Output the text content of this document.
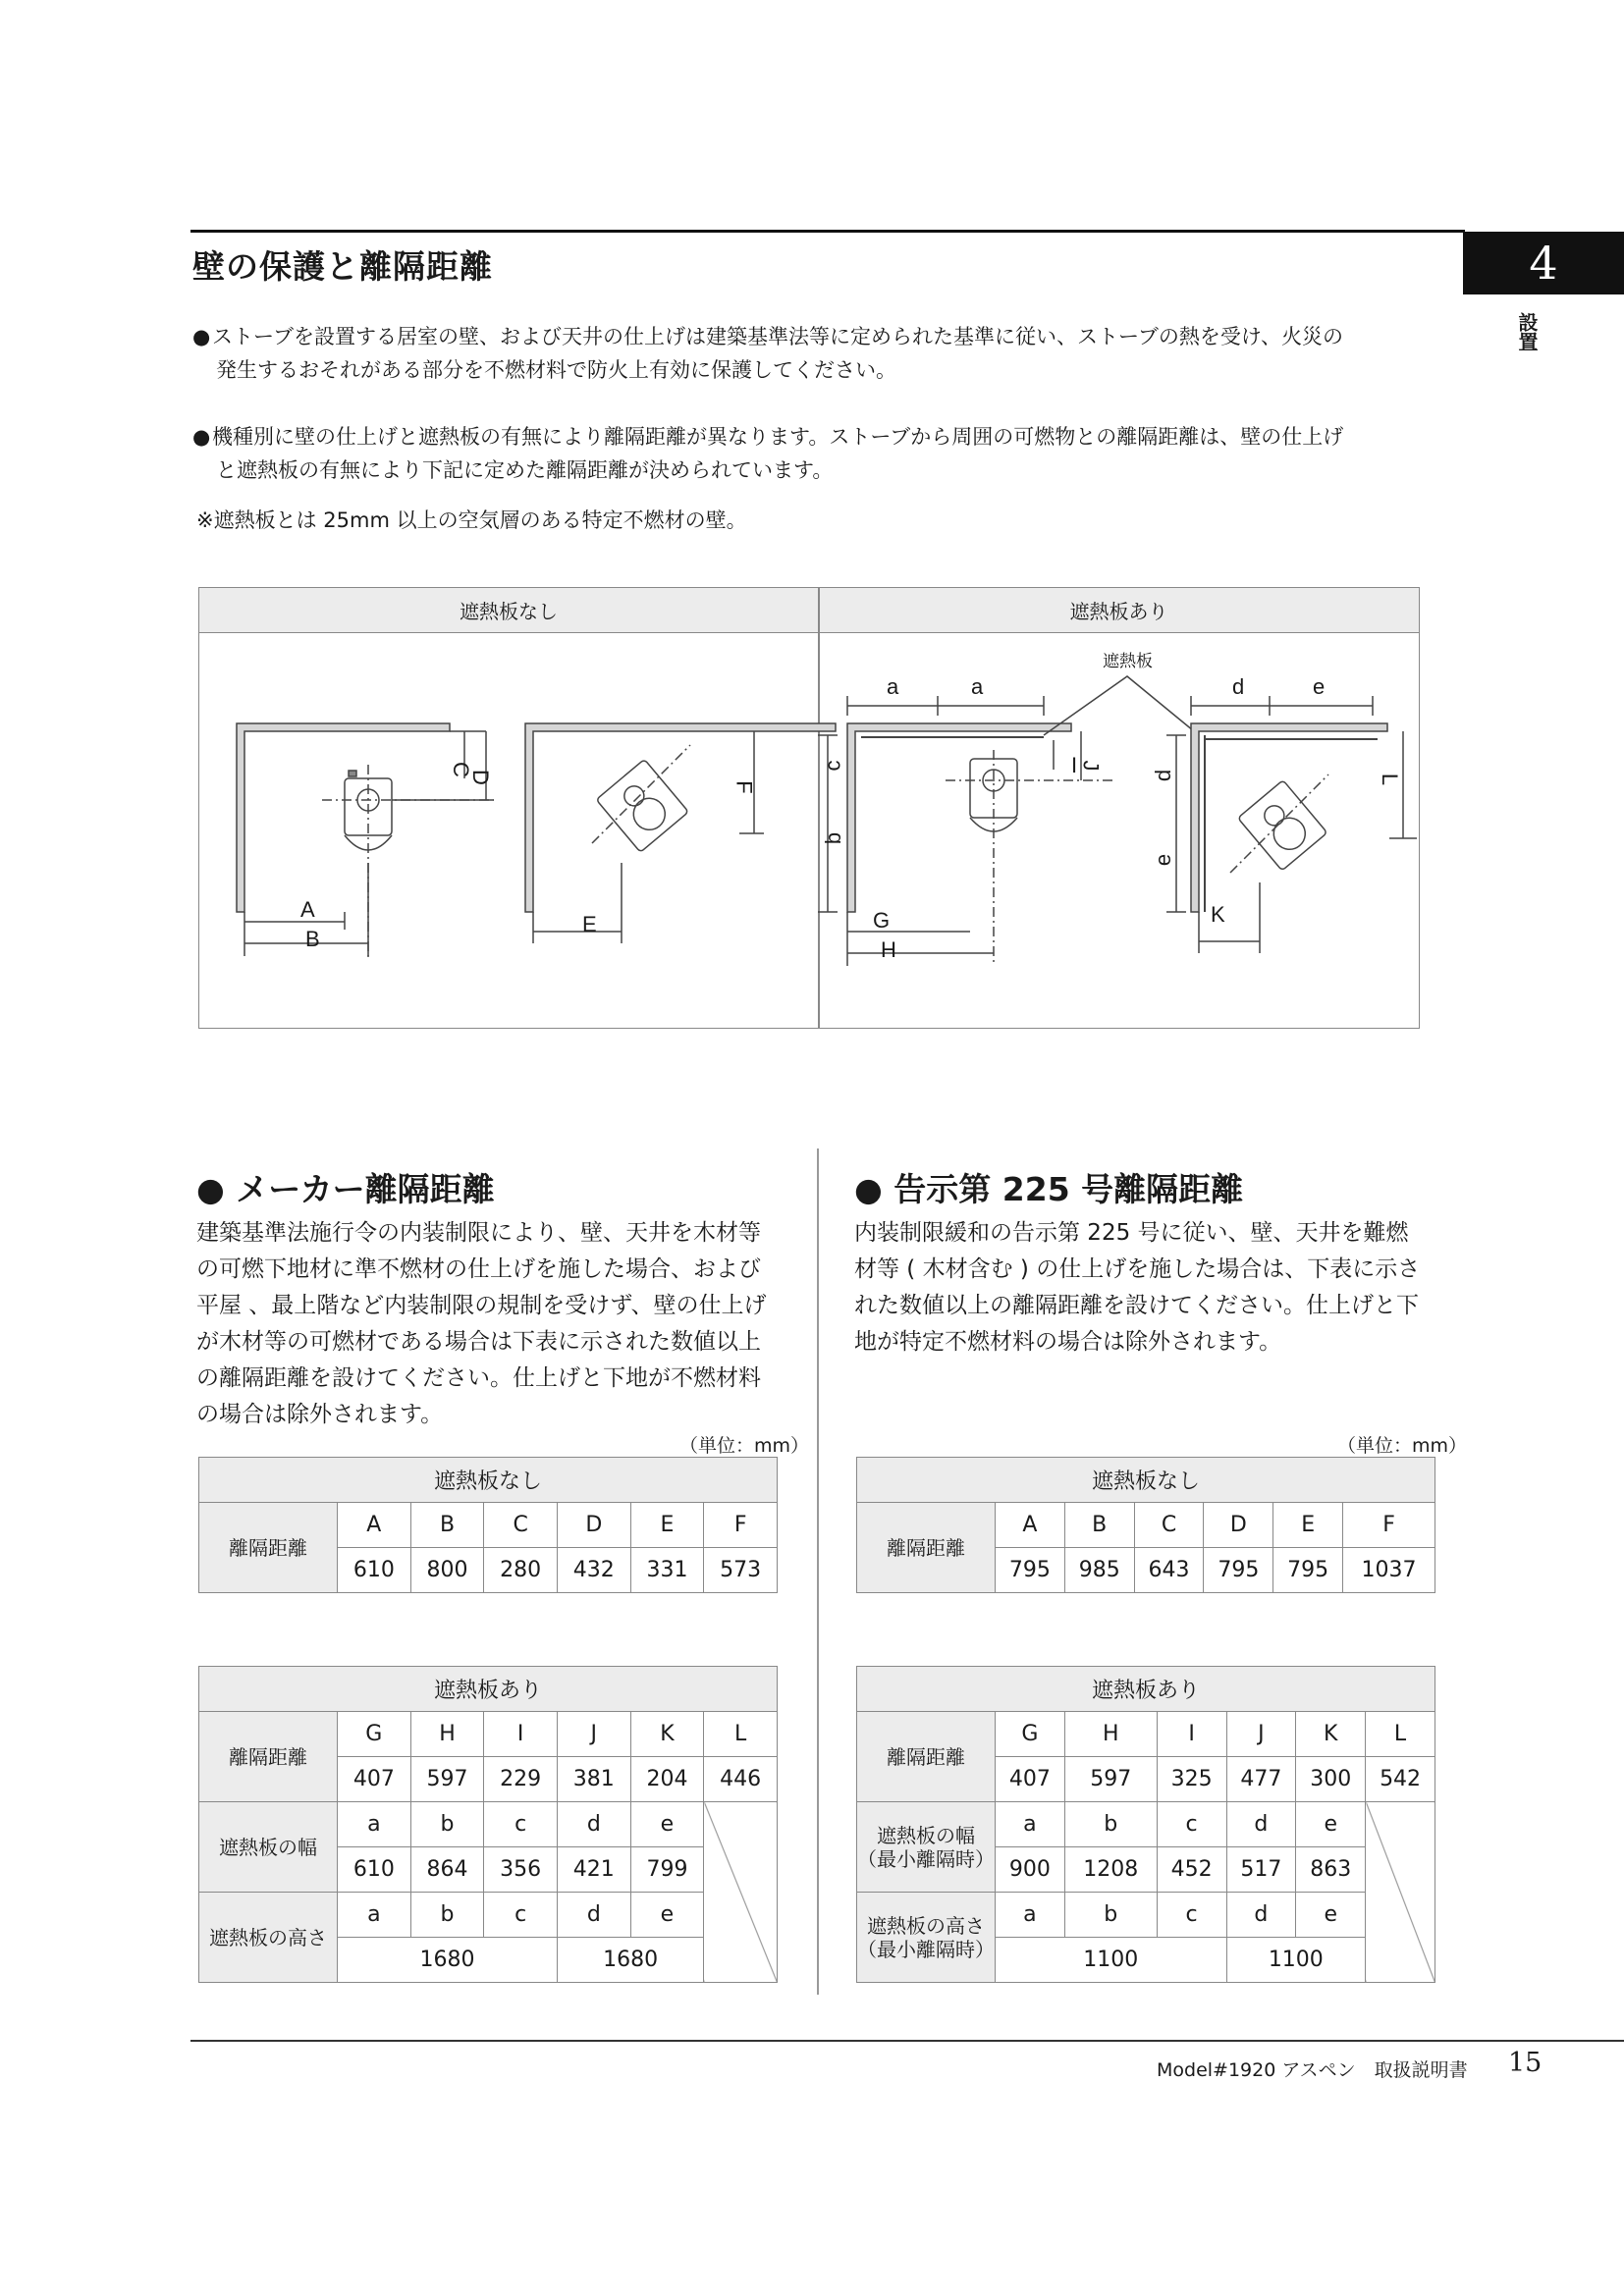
壁の保護と離隔距離	4
設置
●ストーブを設置する居室の壁、および天井の仕上げは建築基準法等に定められた基準に従い、ストーブの熱を受け、火災の
発生するおそれがある部分を不燃材料で防火上有効に保護してください。
●機種別に壁の仕上げと遮熱板の有無により離隔距離が異なります。ストーブから周囲の可燃物との離隔距離は、壁の仕上げ
と遮熱板の有無により下記に定めた離隔距離が決められています。
※遮熱板とは 25mm 以上の空気層のある特定不燃材の壁。
遮熱板なし	遮熱板あり
A
B
C
D
E
F
遮熱板
a	a	d	e
c
b
I J
G
H
d
e
K
L
● メーカー離隔距離
建築基準法施行令の内装制限により、壁、天井を木材等
の可燃下地材に準不燃材の仕上げを施した場合、および
平屋 、最上階など内装制限の規制を受けず、壁の仕上げ
が木材等の可燃材である場合は下表に示された数値以上
の離隔距離を設けてください。仕上げと下地が不燃材料
の場合は除外されます。
（単位：mm）
遮熱板なし						
離隔距離	A	B	C	D	E	F
	610	800	280	432	331	573
遮熱板あり						
離隔距離	G	H	I	J	K	L
	407	597	229	381	204	446
遮熱板の幅	a	b	c	d	e	
	610	864	356	421	799	
遮熱板の高さ	a	b	c	d	e	
	1680			1680		
● 告示第 225 号離隔距離
内装制限緩和の告示第 225 号に従い、壁、天井を難燃
材等 ( 木材含む ) の仕上げを施した場合は、下表に示さ
れた数値以上の離隔距離を設けてください。仕上げと下
地が特定不燃材料の場合は除外されます。
（単位：mm）
遮熱板なし						
離隔距離	A	B	C	D	E	F
	795	985	643	795	795	1037
遮熱板あり						
離隔距離	G	H	I	J	K	L
	407	597	325	477	300	542
遮熱板の幅
（最小離隔時）	a	b	c	d	e	
	900	1208	452	517	863	
遮熱板の高さ
（最小離隔時）	a	b	c	d	e	
	1100			1100		
Model#1920 アスペン　取扱説明書 15
